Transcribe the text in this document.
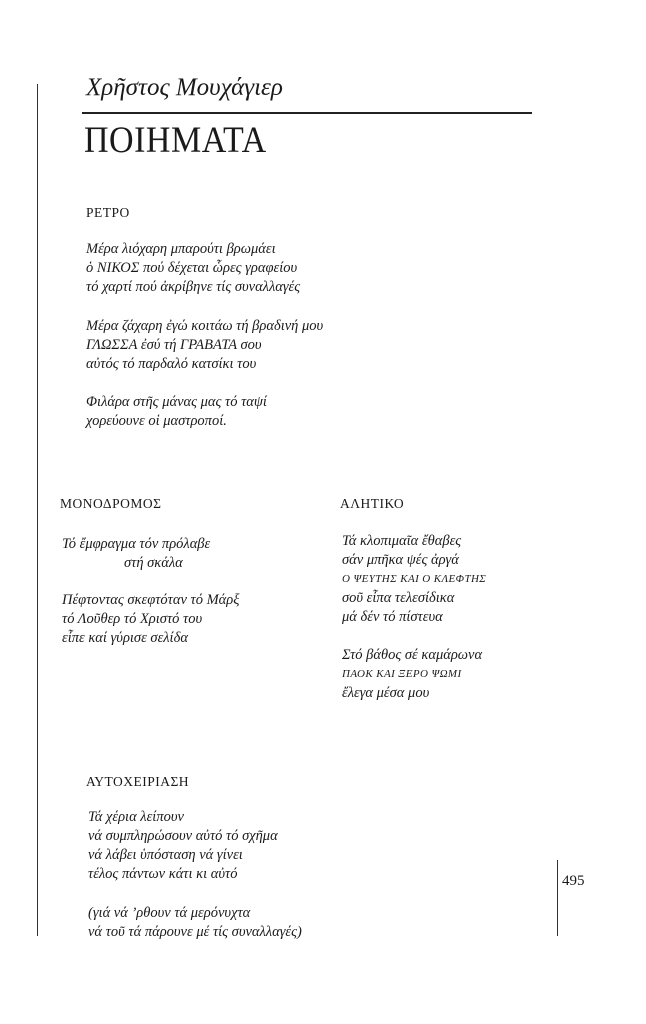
Χρῆστος Μουχάγιερ
ΠΟΙΗΜΑΤΑ
ΡΕΤΡΟ
Μέρα λιόχαρη μπαρούτι βρωμάει
ὁ ΝΙΚΟΣ πού δέχεται ὧρες γραφείου
τό χαρτί πού ἀκρίβηνε τίς συναλλαγές
Μέρα ζάχαρη ἐγώ κοιτάω τή βραδινή μου
ΓΛΩΣΣΑ ἐσύ τή ΓΡΑΒΑΤΑ σου
αὐτός τό παρδαλό κατσίκι του
Φιλάρα στῆς μάνας μας τό ταψί
χορεύουνε οἱ μαστροποί.
ΜΟΝΟΔΡΟΜΟΣ
Τό ἔμφραγμα τόν πρόλαβε
στή σκάλα
Πέφτοντας σκεφτόταν τό Μάρξ
τό Λοῦθερ τό Χριστό του
εἶπε καί γύρισε σελίδα
ΑΛΗΤΙΚΟ
Τά κλοπιμαῖα ἔθαβες
σάν μπῆκα ψές ἀργά
Ο ΨΕΥΤΗΣ ΚΑΙ Ο ΚΛΕΦΤΗΣ
σοῦ εἶπα τελεσίδικα
μά δέν τό πίστευα
Στό βάθος σέ καμάρωνα
ΠΑΟΚ ΚΑΙ ΞΕΡΟ ΨΩΜΙ
ἔλεγα μέσα μου
ΑΥΤΟΧΕΙΡΙΑΣΗ
Τά χέρια λείπουν
νά συμπληρώσουν αὐτό τό σχῆμα
νά λάβει ὑπόσταση νά γίνει
τέλος πάντων κάτι κι αὐτό
(γιά νά ’ρθουν τά μερόνυχτα
νά τοῦ τά πάρουνε μέ τίς συναλλαγές)
495
